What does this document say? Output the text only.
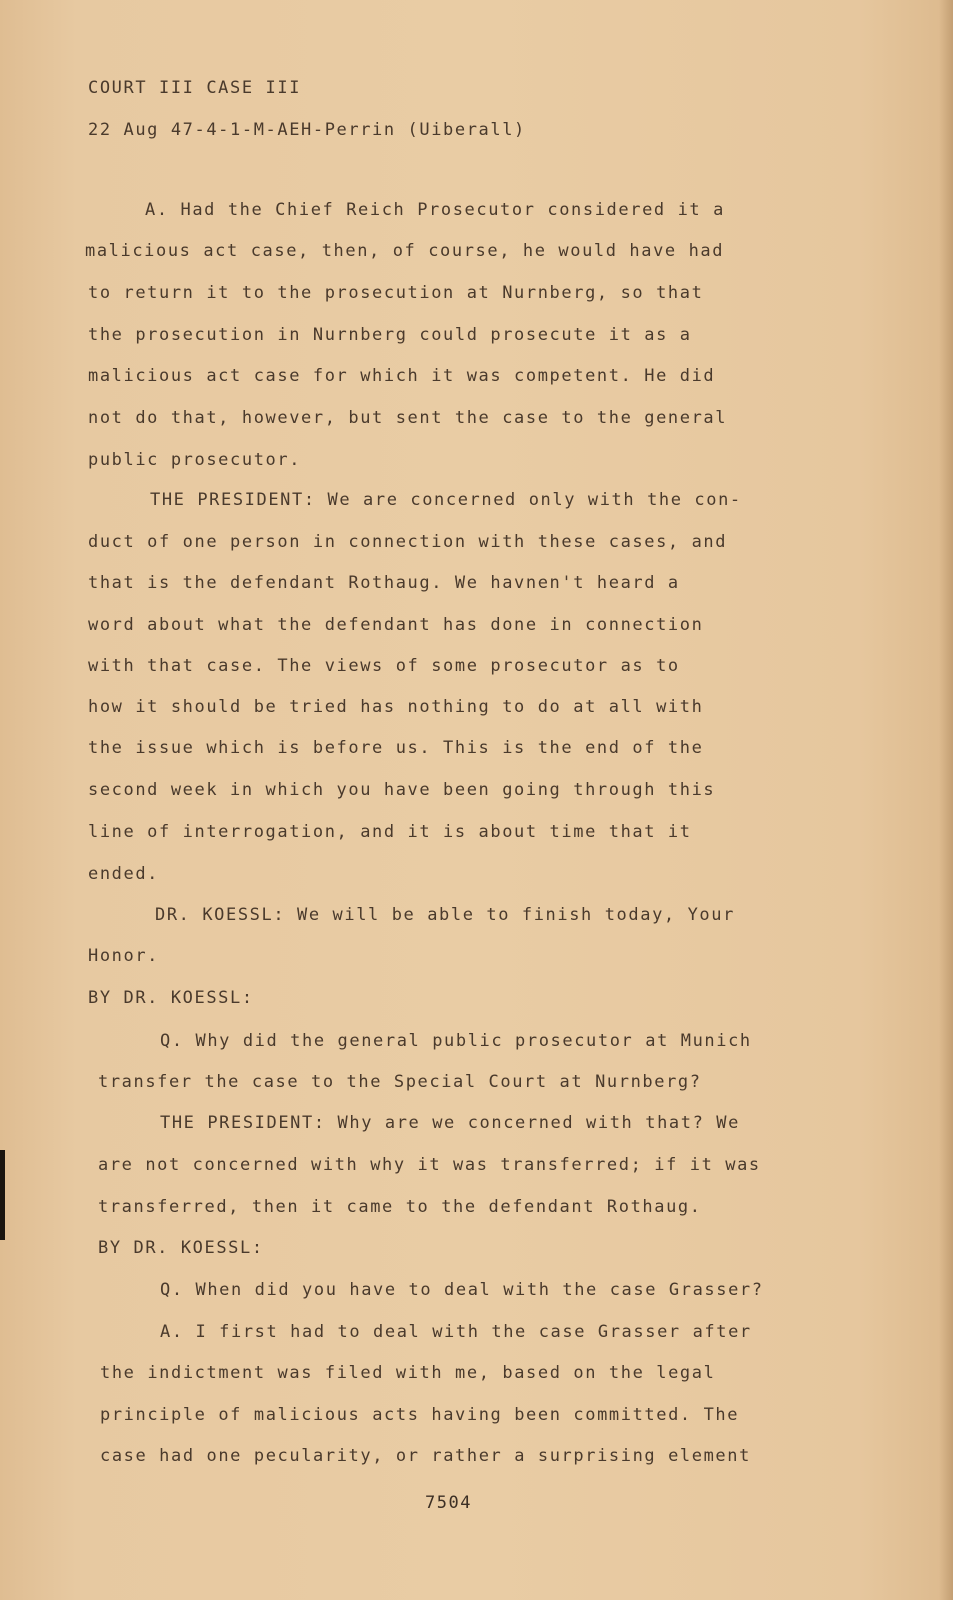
COURT III CASE III

22 Aug 47-4-1-M-AEH-Perrin (Uiberall)

A. Had the Chief Reich Prosecutor considered it a

malicious act case, then, of course, he would have had

to return it to the prosecution at Nurnberg, so that

the prosecution in Nurnberg could prosecute it as a

malicious act case for which it was competent. He did

not do that, however, but sent the case to the general

public prosecutor.

THE PRESIDENT: We are concerned only with the con-

duct of one person in connection with these cases, and

that is the defendant Rothaug. We havnen't heard a

word about what the defendant has done in connection

with that case. The views of some prosecutor as to

how it should be tried has nothing to do at all with

the issue which is before us. This is the end of the

second week in which you have been going through this

line of interrogation, and it is about time that it

ended.

DR. KOESSL: We will be able to finish today, Your

Honor.

BY DR. KOESSL:

Q. Why did the general public prosecutor at Munich

transfer the case to the Special Court at Nurnberg?

THE PRESIDENT: Why are we concerned with that? We

are not concerned with why it was transferred; if it was

transferred, then it came to the defendant Rothaug.

BY DR. KOESSL:

Q. When did you have to deal with the case Grasser?

A. I first had to deal with the case Grasser after

the indictment was filed with me, based on the legal

principle of malicious acts having been committed. The

case had one pecularity, or rather a surprising element

7504
